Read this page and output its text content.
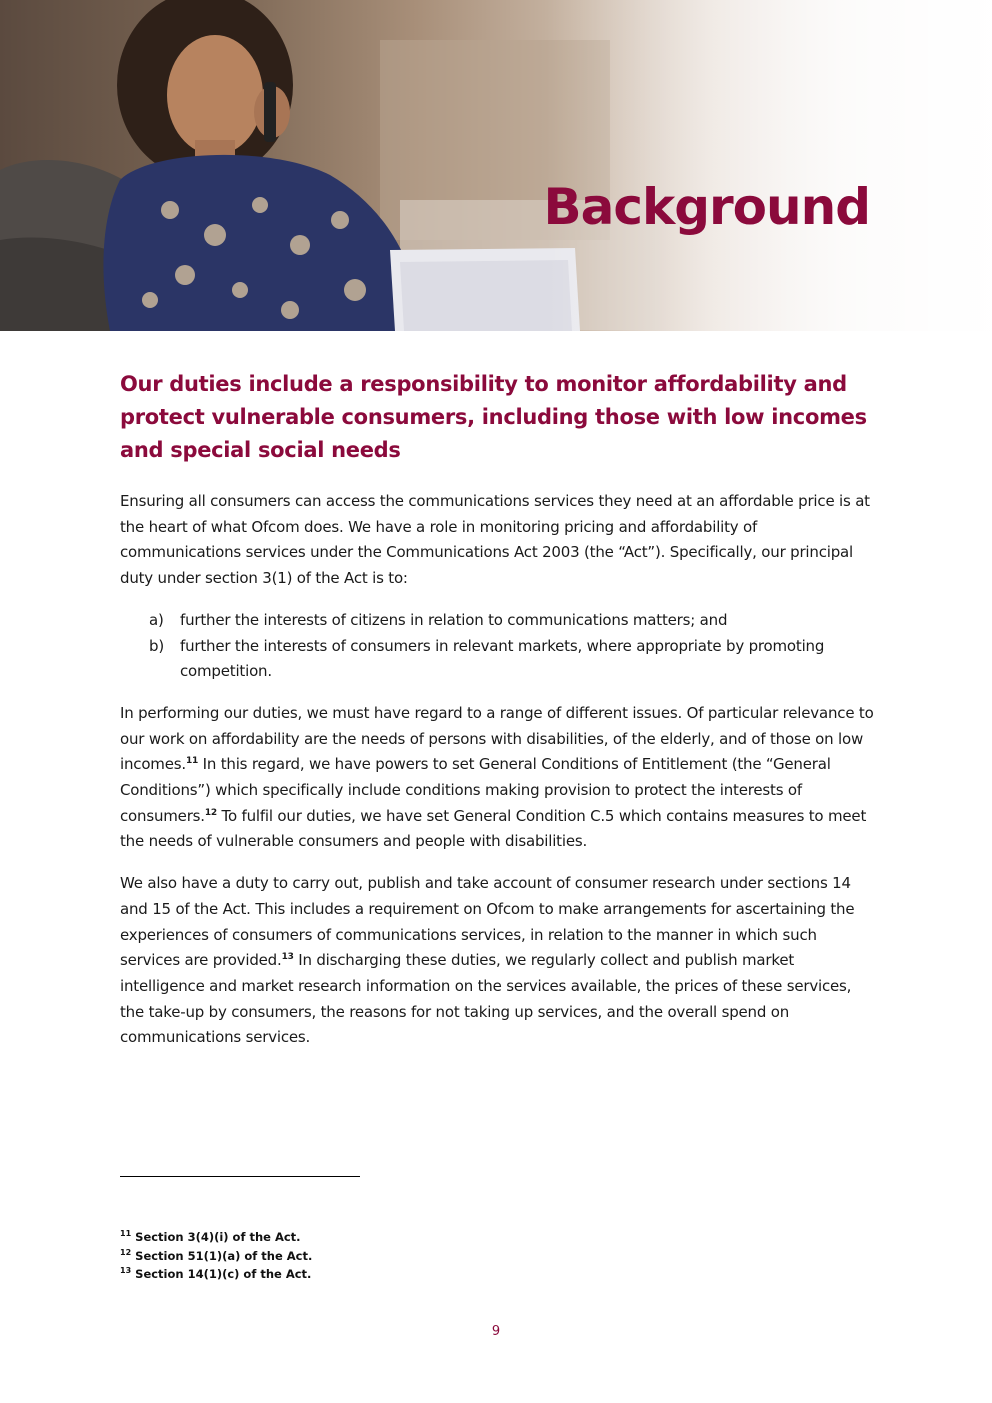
Background
Our duties include a responsibility to monitor affordability and protect vulnerable consumers, including those with low incomes and special social needs

Ensuring all consumers can access the communications services they need at an affordable price is at the heart of what Ofcom does. We have a role in monitoring pricing and affordability of communications services under the Communications Act 2003 (the “Act”). Specifically, our principal duty under section 3(1) of the Act is to:

a) further the interests of citizens in relation to communications matters; and
b) further the interests of consumers in relevant markets, where appropriate by promoting competition.

In performing our duties, we must have regard to a range of different issues. Of particular relevance to our work on affordability are the needs of persons with disabilities, of the elderly, and of those on low incomes.$^{11}$ In this regard, we have powers to set General Conditions of Entitlement (the “General Conditions”) which specifically include conditions making provision to protect the interests of consumers.$^{12}$ To fulfil our duties, we have set General Condition C.5 which contains measures to meet the needs of vulnerable consumers and people with disabilities.

We also have a duty to carry out, publish and take account of consumer research under sections 14 and 15 of the Act. This includes a requirement on Ofcom to make arrangements for ascertaining the experiences of consumers of communications services, in relation to the manner in which such services are provided.$^{13}$ In discharging these duties, we regularly collect and publish market intelligence and market research information on the services available, the prices of these services, the take-up by consumers, the reasons for not taking up services, and the overall spend on communications services.

$^{11}$ Section 3(4)(i) of the Act.
$^{12}$ Section 51(1)(a) of the Act.
$^{13}$ Section 14(1)(c) of the Act.
9
